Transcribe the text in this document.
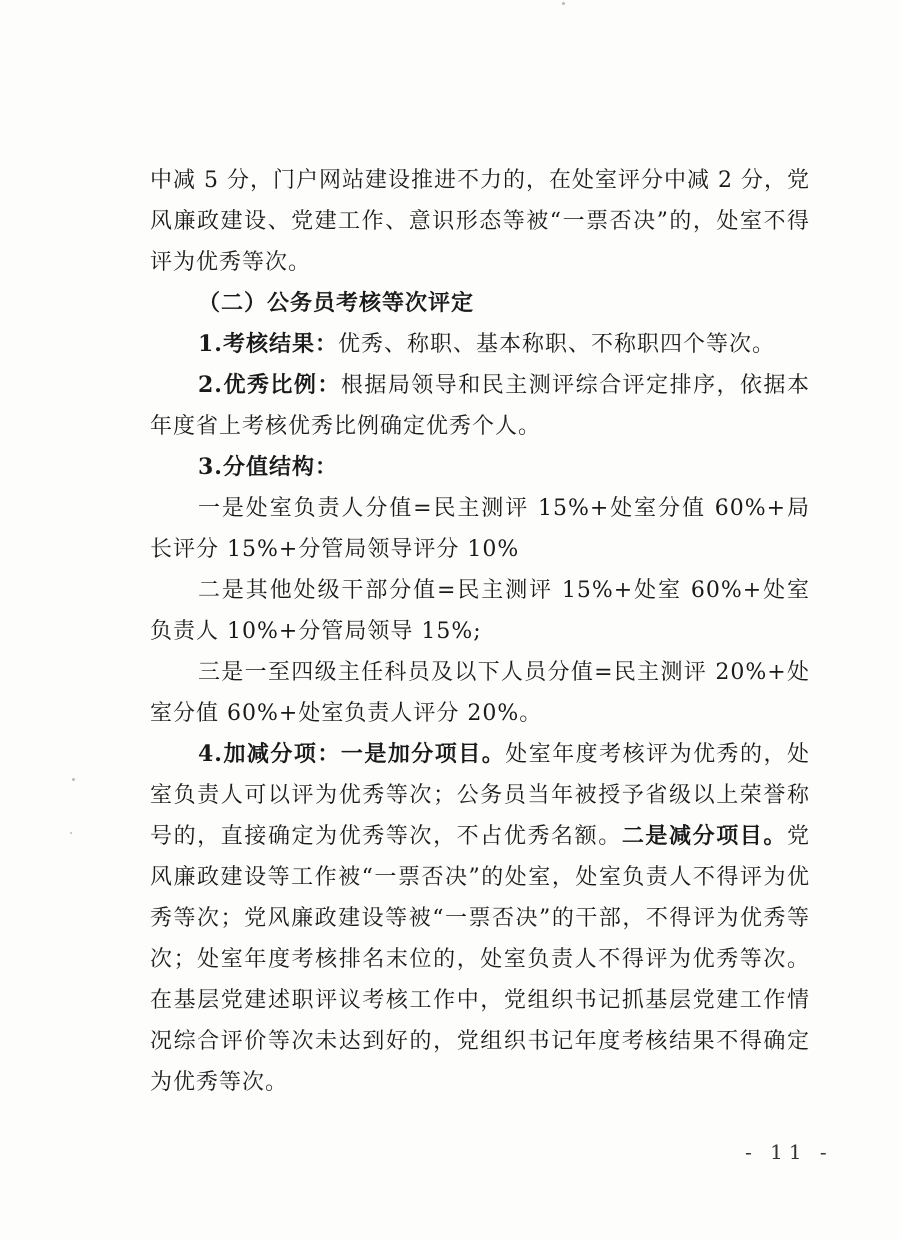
中减 5 分，门户网站建设推进不力的，在处室评分中减 2 分，党风廉政建设、党建工作、意识形态等被“一票否决”的，处室不得评为优秀等次。

（二）公务员考核等次评定

1.考核结果：优秀、称职、基本称职、不称职四个等次。

2.优秀比例：根据局领导和民主测评综合评定排序，依据本年度省上考核优秀比例确定优秀个人。

3.分值结构：

一是处室负责人分值=民主测评 15%+处室分值 60%+局长评分 15%+分管局领导评分 10%

二是其他处级干部分值=民主测评 15%+处室 60%+处室负责人 10%+分管局领导 15%;

三是一至四级主任科员及以下人员分值=民主测评 20%+处室分值 60%+处室负责人评分 20%。

4.加减分项：一是加分项目。处室年度考核评为优秀的，处室负责人可以评为优秀等次；公务员当年被授予省级以上荣誉称号的，直接确定为优秀等次，不占优秀名额。二是减分项目。党风廉政建设等工作被“一票否决”的处室，处室负责人不得评为优秀等次；党风廉政建设等被“一票否决”的干部，不得评为优秀等次；处室年度考核排名末位的，处室负责人不得评为优秀等次。在基层党建述职评议考核工作中，党组织书记抓基层党建工作情况综合评价等次未达到好的，党组织书记年度考核结果不得确定为优秀等次。

- 11 -
